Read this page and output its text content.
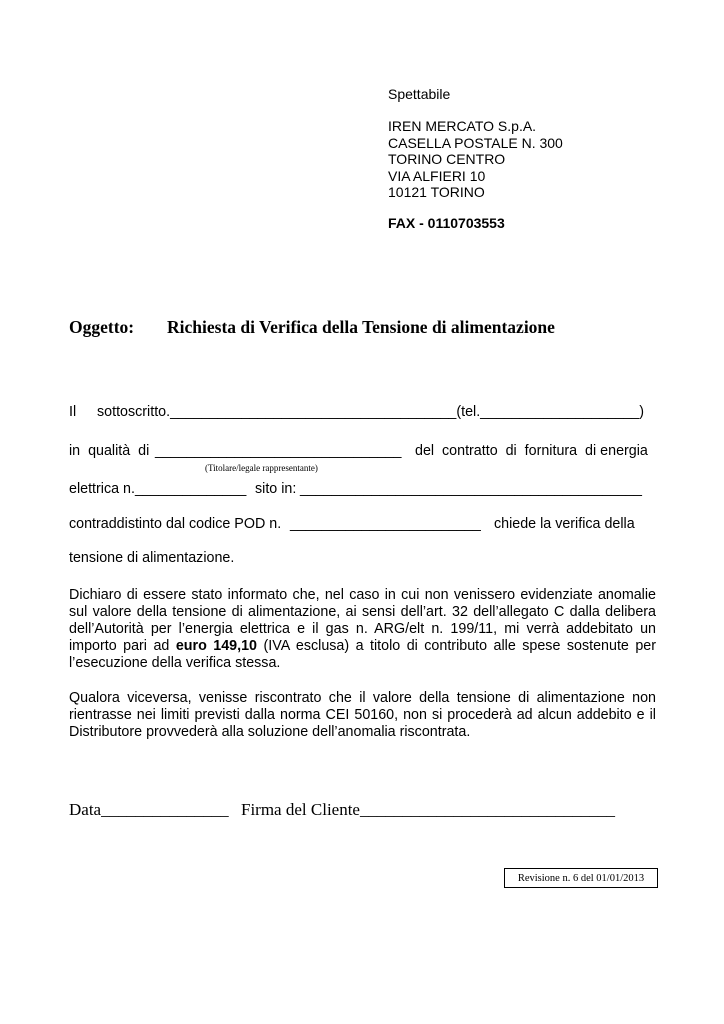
Spettabile
IREN MERCATO S.p.A.
CASELLA POSTALE N. 300
TORINO CENTRO
VIA ALFIERI 10
10121 TORINO
FAX - 0110703553
Oggetto: Richiesta di Verifica della Tensione di alimentazione
Il sottoscritto.____________________________________(tel.____________________)
in  qualità  di _______________________________ del  contratto  di  fornitura  di energia
(Titolare/legale rappresentante)
elettrica n.______________ sito in: ___________________________________________
contraddistinto dal codice POD n. ________________________ chiede la verifica della
tensione di alimentazione.
Dichiaro di essere stato informato che, nel caso in cui non venissero evidenziate anomalie sul valore della tensione di alimentazione, ai sensi dell’art. 32 dell’allegato C dalla delibera dell’Autorità per l’energia elettrica e il gas n. ARG/elt n. 199/11, mi verrà addebitato un importo pari ad euro 149,10 (IVA esclusa) a titolo di contributo alle spese sostenute per l’esecuzione della verifica stessa.
Qualora viceversa, venisse riscontrato che il valore della tensione di alimentazione non rientrasse nei limiti previsti dalla norma CEI 50160, non si procederà ad alcun addebito e il Distributore provvederà alla soluzione dell’anomalia riscontrata.
Data_______________ Firma del Cliente______________________________
Revisione n. 6 del 01/01/2013
